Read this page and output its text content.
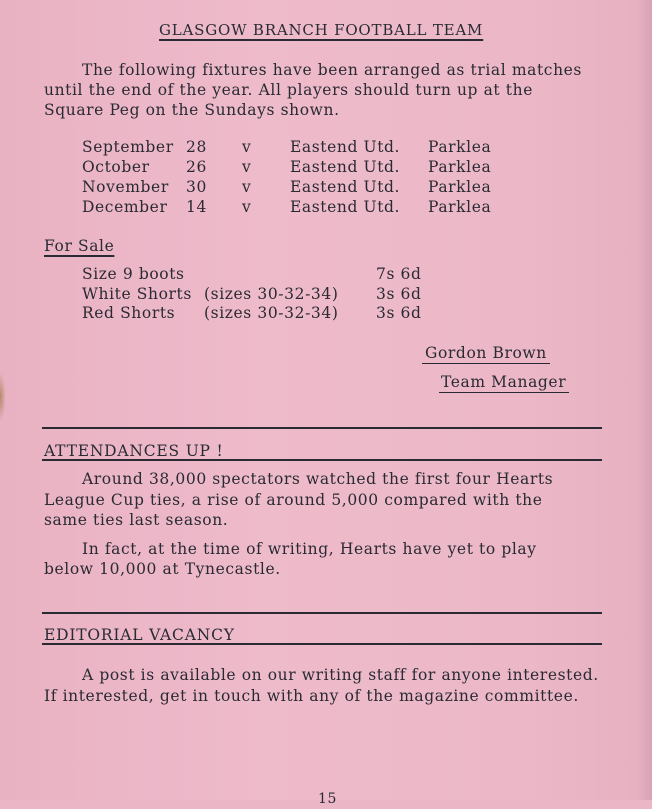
GLASGOW BRANCH FOOTBALL TEAM
The following fixtures have been arranged as trial matches
until the end of the year. All players should turn up at the
Square Peg on the Sundays shown.
September 28 v Eastend Utd. Parklea
October 26 v Eastend Utd. Parklea
November 30 v Eastend Utd. Parklea
December 14 v Eastend Utd. Parklea
For Sale
Size 9 boots	7s 6d
White Shorts (sizes 30-32-34) 3s 6d
Red Shorts (sizes 30-32-34) 3s 6d
Gordon Brown
Team Manager
ATTENDANCES UP !
Around 38,000 spectators watched the first four Hearts
League Cup ties, a rise of around 5,000 compared with the
same ties last season.
In fact, at the time of writing, Hearts have yet to play
below 10,000 at Tynecastle.
EDITORIAL VACANCY
A post is available on our writing staff for anyone interested.
If interested, get in touch with any of the magazine committee.
15
